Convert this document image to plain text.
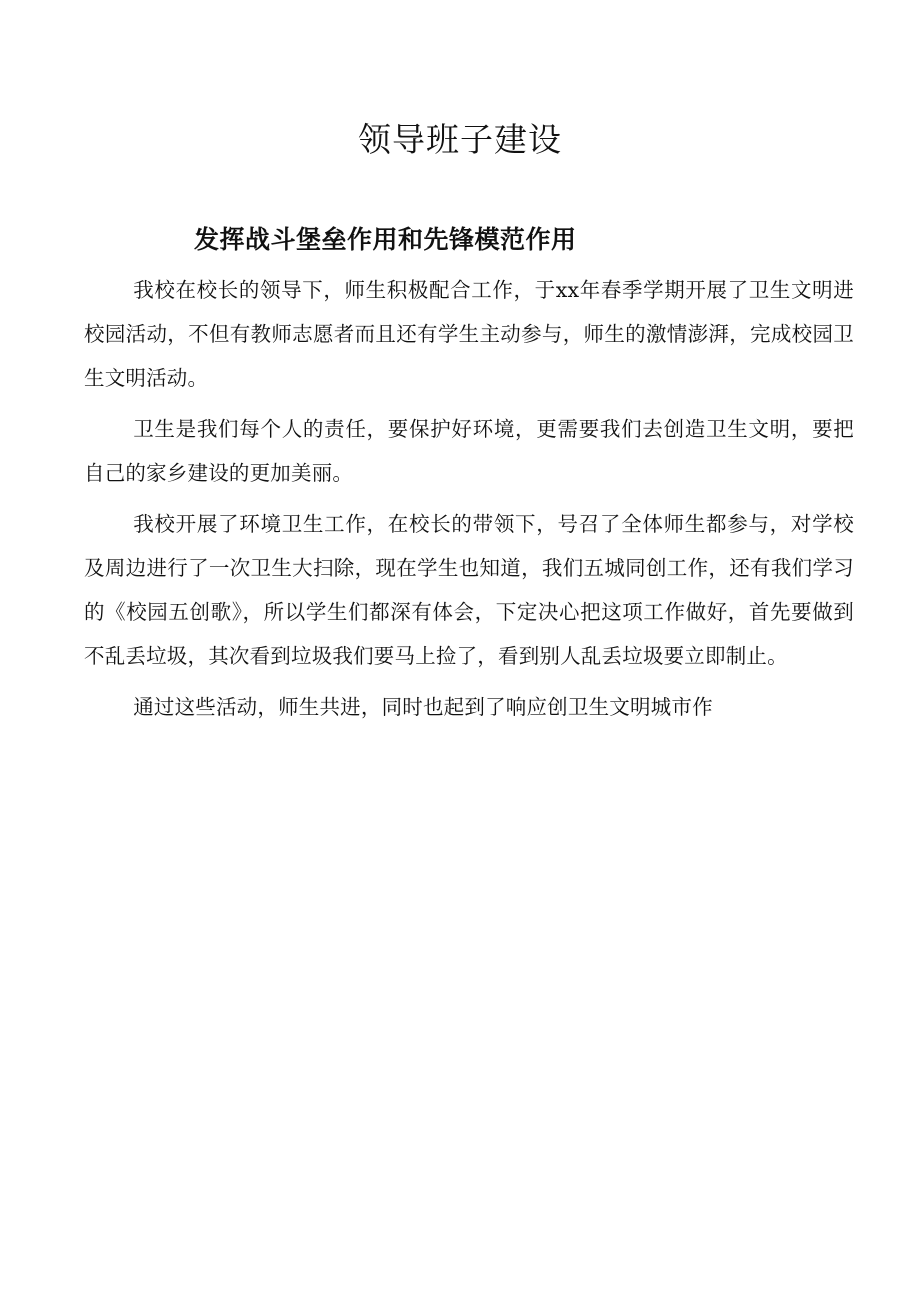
领导班子建设
发挥战斗堡垒作用和先锋模范作用

我校在校长的领导下，师生积极配合工作，于xx年春季学期开展了卫生文明进校园活动，不但有教师志愿者而且还有学生主动参与，师生的激情澎湃，完成校园卫生文明活动。

卫生是我们每个人的责任，要保护好环境，更需要我们去创造卫生文明，要把自己的家乡建设的更加美丽。

我校开展了环境卫生工作，在校长的带领下，号召了全体师生都参与，对学校及周边进行了一次卫生大扫除，现在学生也知道，我们五城同创工作，还有我们学习的《校园五创歌》，所以学生们都深有体会，下定决心把这项工作做好，首先要做到不乱丢垃圾，其次看到垃圾我们要马上捡了，看到别人乱丢垃圾要立即制止。

通过这些活动，师生共进，同时也起到了响应创卫生文明城市作
